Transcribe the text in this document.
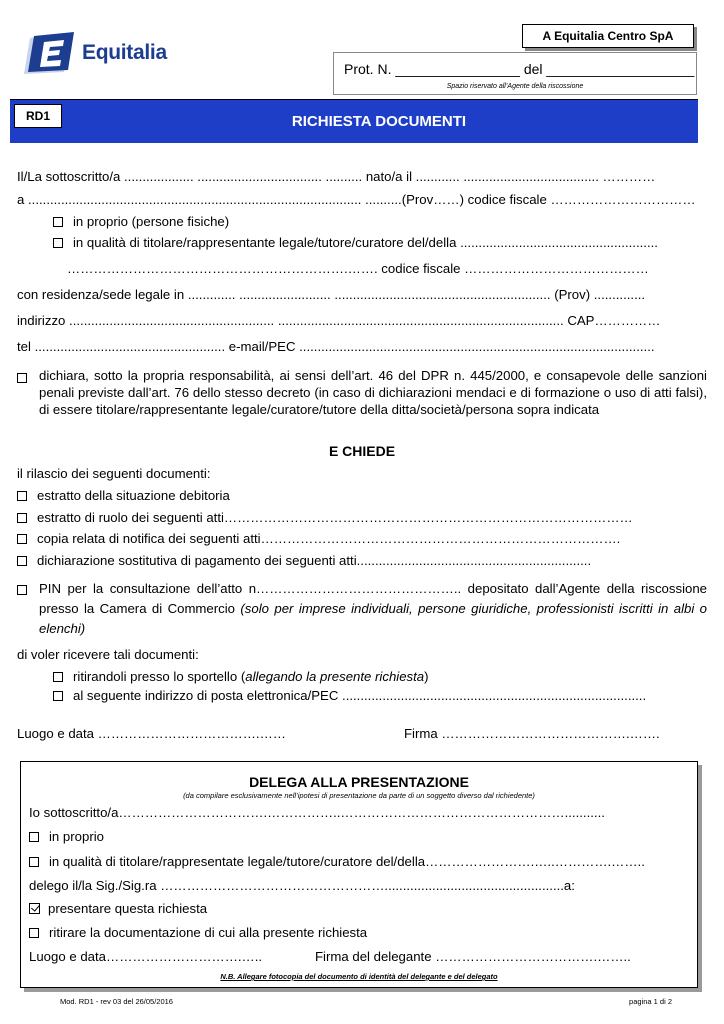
Equitalia
A Equitalia Centro SpA
Prot. N. ________________ del ___________________
Spazio riservato all’Agente della riscossione
RICHIESTA DOCUMENTI
RD1
Il/La sottoscritto/a ................... .................................. .......... nato/a il ............ ..................................... …………
a ........................................................................................... ..........(Prov……) codice fiscale ……………………………
in proprio (persone fisiche)
in qualità di titolare/rappresentante legale/tutore/curatore del/della ......................................................
……………………………………………………….……. codice fiscale ……………………………………
con residenza/sede legale in ............. ......................... ........................................................... (Prov) ..............
indirizzo ........................................................ .............................................................................. CAP……………
tel .................................................... e-mail/PEC .................................................................................................
dichiara, sotto la propria responsabilità, ai sensi dell’art. 46 del DPR n. 445/2000, e consapevole delle sanzioni penali previste dall’art. 76 dello stesso decreto (in caso di dichiarazioni mendaci e di formazione o uso di atti falsi), di essere titolare/rappresentante legale/curatore/tutore della ditta/società/persona sopra indicata
E CHIEDE
il rilascio dei seguenti documenti:
estratto della situazione debitoria
estratto di ruolo dei seguenti atti…………………………………………………………………………………
copia relata di notifica dei seguenti atti……………………………………………………………………….
dichiarazione sostitutiva di pagamento dei seguenti atti................................................................
PIN per la consultazione dell’atto n……………………………………….. depositato dall’Agente della riscossione presso la Camera di Commercio (solo per imprese individuali, persone giuridiche, professionisti iscritti in albi o elenchi)
di voler ricevere tali documenti:
ritirandoli presso lo sportello (allegando la presente richiesta)
al seguente indirizzo di posta elettronica/PEC ...................................................................................
Luogo e data ……………………………….……	Firma …………………………………….…….
DELEGA ALLA PRESENTAZIONE
(da compilare esclusivamente nell’ipotesi di presentazione da parte di un soggetto diverso dal richiedente)
Io sottoscritto/a…………………………….……………..……………………………………………...........
in proprio
in qualità di titolare/rappresentate legale/tutore/curatore del/della…………………….…..………….……..
delego il/la Sig./Sig.ra …………………………………………….................................................a:
presentare questa richiesta
ritirare la documentazione di cui alla presente richiesta
Luogo e data………………………….…..	Firma del delegante ……………………………….……..
N.B. Allegare fotocopia del documento di identità del delegante e del delegato
Mod. RD1 - rev 03 del 26/05/2016	pagina 1 di 2
